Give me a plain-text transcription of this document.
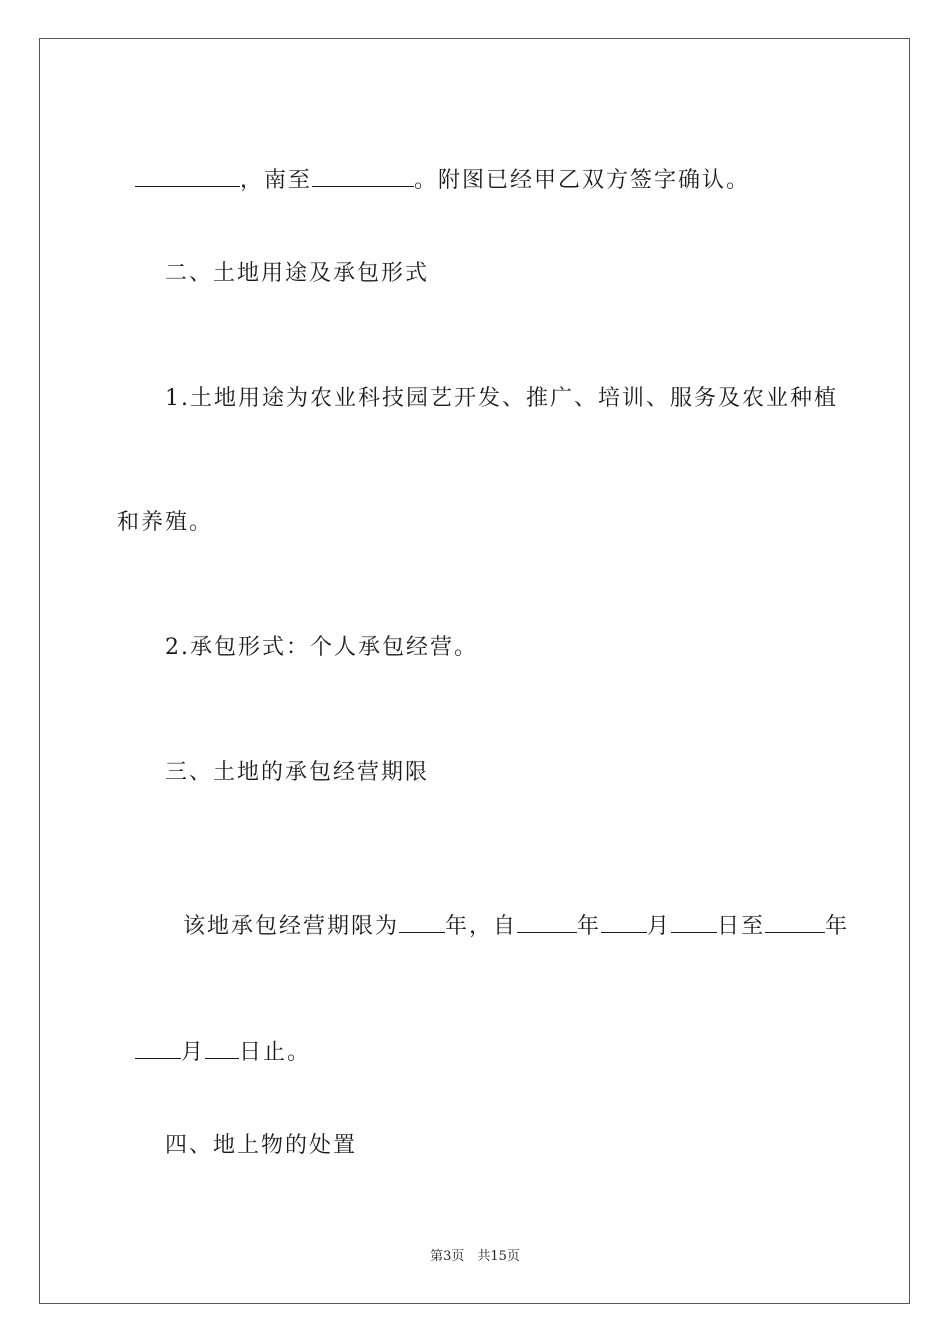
，南至	。附图已经甲乙双方签字确认。

二、土地用途及承包形式
1.土地用途为农业科技园艺开发、推广、培训、服务及农业种植
和养殖。
2.承包形式：个人承包经营。
三、土地的承包经营期限

该地承包经营期限为 年，自	年 月 日至	年

月 日止。

四、地上物的处置
第3页　共15页
